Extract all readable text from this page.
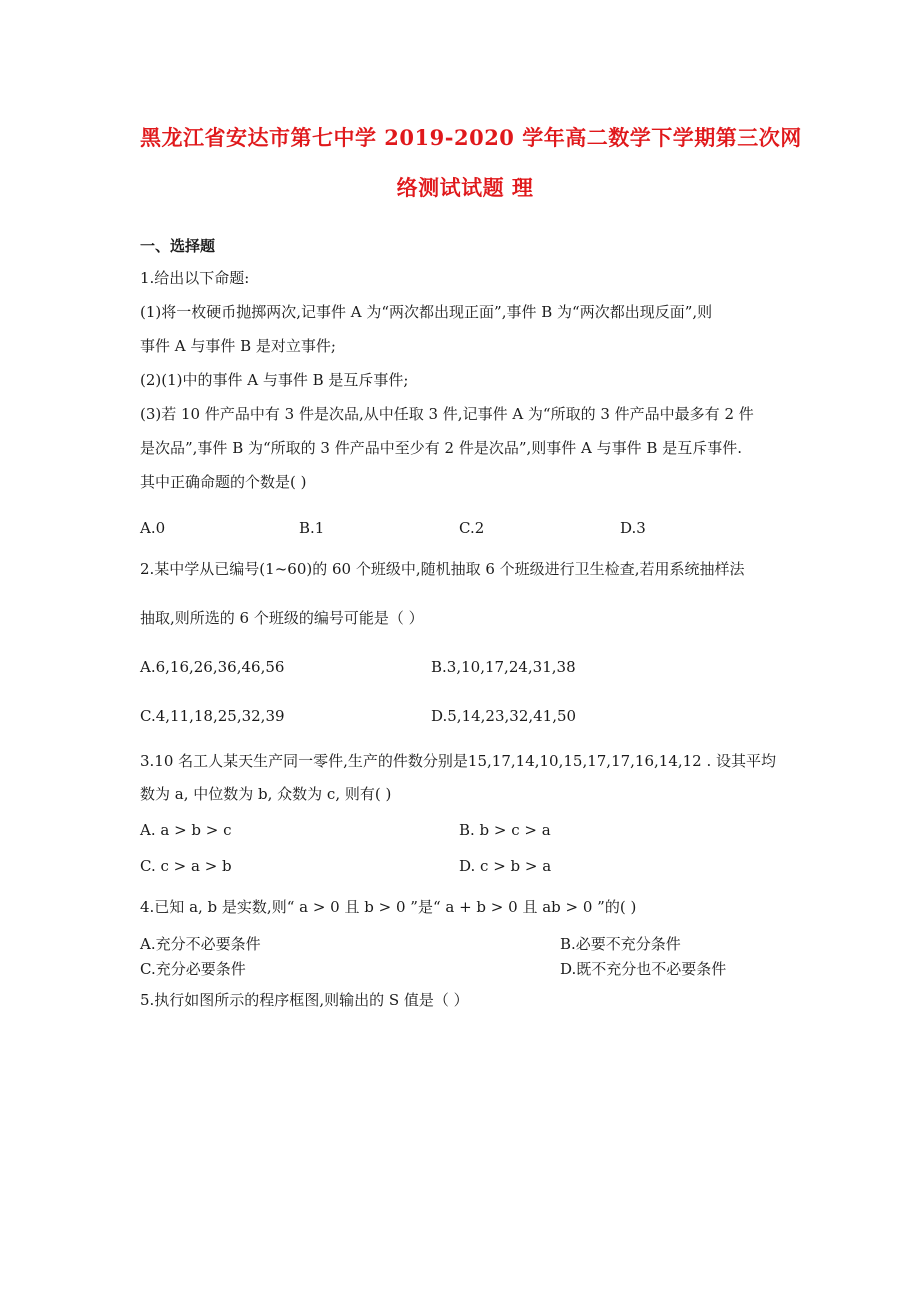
黑龙江省安达市第七中学 2019-2020 学年高二数学下学期第三次网
络测试试题 理
一、选择题
1.给出以下命题:
(1)将一枚硬币抛掷两次,记事件 A 为“两次都出现正面”,事件 B 为“两次都出现反面”,则
事件 A 与事件 B 是对立事件;
(2)(1)中的事件 A 与事件 B 是互斥事件;
(3)若 10 件产品中有 3 件是次品,从中任取 3 件,记事件 A 为“所取的 3 件产品中最多有 2 件
是次品”,事件 B 为“所取的 3 件产品中至少有 2 件是次品”,则事件 A 与事件 B 是互斥事件.
其中正确命题的个数是( )
A.0	B.1	C.2	D.3
2.某中学从已编号(1~60)的 60 个班级中,随机抽取 6 个班级进行卫生检查,若用系统抽样法
抽取,则所选的 6 个班级的编号可能是（ ）
A.6,16,26,36,46,56	B.3,10,17,24,31,38
C.4,11,18,25,32,39	D.5,14,23,32,41,50
3.10 名工人某天生产同一零件,生产的件数分别是15,17,14,10,15,17,17,16,14,12 . 设其平均
数为 a, 中位数为 b, 众数为 c, 则有( )
A. a > b > c	B. b > c > a
C. c > a > b	D. c > b > a
4.已知 a, b 是实数,则“ a > 0 且 b > 0 ”是“ a + b > 0 且 ab > 0 ”的( )
A.充分不必要条件	B.必要不充分条件
C.充分必要条件	D.既不充分也不必要条件
5.执行如图所示的程序框图,则输出的 S 值是（ ）
